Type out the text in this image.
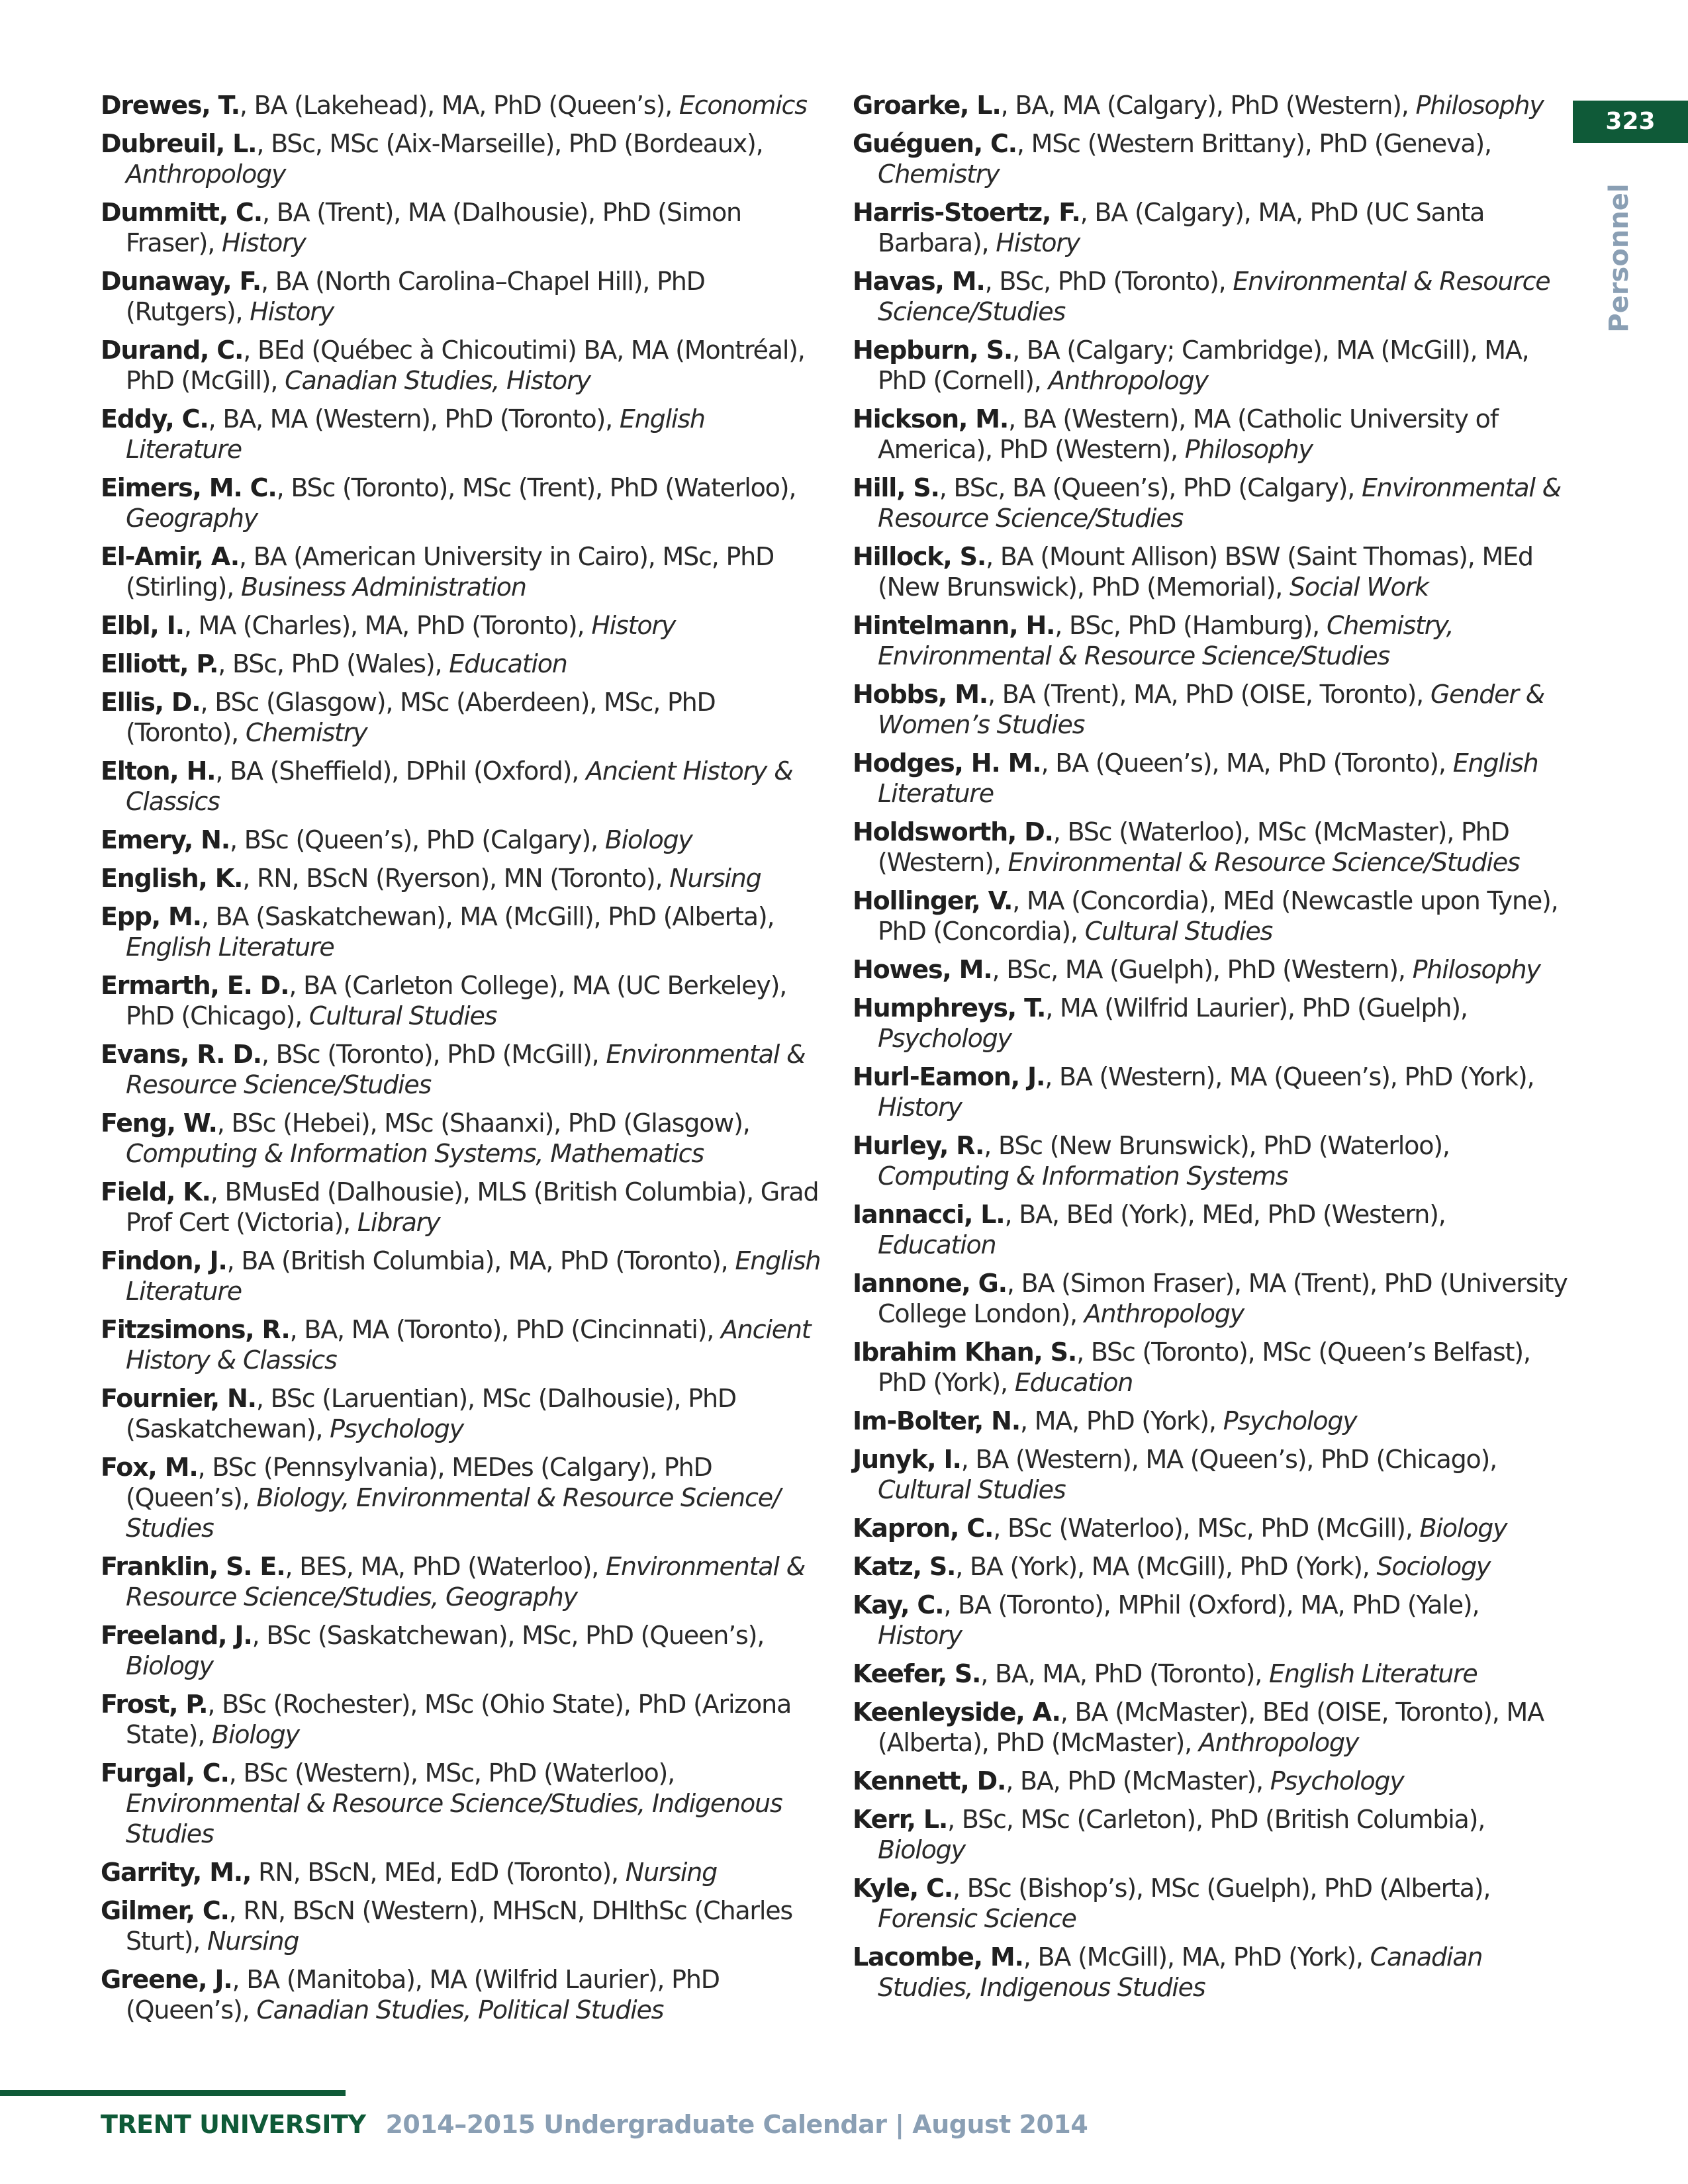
323
Personnel
Drewes, T., BA (Lakehead), MA, PhD (Queen’s), Economics
Dubreuil, L., BSc, MSc (Aix-Marseille), PhD (Bordeaux), Anthropology
Dummitt, C., BA (Trent), MA (Dalhousie), PhD (Simon Fraser), History
Dunaway, F., BA (North Carolina–Chapel Hill), PhD (Rutgers), History
Durand, C., BEd (Québec à Chicoutimi) BA, MA (Montréal), PhD (McGill), Canadian Studies, History
Eddy, C., BA, MA (Western), PhD (Toronto), English Literature
Eimers, M. C., BSc (Toronto), MSc (Trent), PhD (Waterloo), Geography
El-Amir, A., BA (American University in Cairo), MSc, PhD (Stirling), Business Administration
Elbl, I., MA (Charles), MA, PhD (Toronto), History
Elliott, P., BSc, PhD (Wales), Education
Ellis, D., BSc (Glasgow), MSc (Aberdeen), MSc, PhD (Toronto), Chemistry
Elton, H., BA (Sheffield), DPhil (Oxford), Ancient History & Classics
Emery, N., BSc (Queen’s), PhD (Calgary), Biology
English, K., RN, BScN (Ryerson), MN (Toronto), Nursing
Epp, M., BA (Saskatchewan), MA (McGill), PhD (Alberta), English Literature
Ermarth, E. D., BA (Carleton College), MA (UC Berkeley), PhD (Chicago), Cultural Studies
Evans, R. D., BSc (Toronto), PhD (McGill), Environmental & Resource Science/Studies
Feng, W., BSc (Hebei), MSc (Shaanxi), PhD (Glasgow), Computing & Information Systems, Mathematics
Field, K., BMusEd (Dalhousie), MLS (British Columbia), Grad Prof Cert (Victoria), Library
Findon, J., BA (British Columbia), MA, PhD (Toronto), English Literature
Fitzsimons, R., BA, MA (Toronto), PhD (Cincinnati), Ancient History & Classics
Fournier, N., BSc (Laruentian), MSc (Dalhousie), PhD (Saskatchewan), Psychology
Fox, M., BSc (Pennsylvania), MEDes (Calgary), PhD (Queen’s), Biology, Environmental & Resource Science/ Studies
Franklin, S. E., BES, MA, PhD (Waterloo), Environmental & Resource Science/Studies, Geography
Freeland, J., BSc (Saskatchewan), MSc, PhD (Queen’s), Biology
Frost, P., BSc (Rochester), MSc (Ohio State), PhD (Arizona State), Biology
Furgal, C., BSc (Western), MSc, PhD (Waterloo), Environmental & Resource Science/Studies, Indigenous Studies
Garrity, M., RN, BScN, MEd, EdD (Toronto), Nursing
Gilmer, C., RN, BScN (Western), MHScN, DHlthSc (Charles Sturt), Nursing
Greene, J., BA (Manitoba), MA (Wilfrid Laurier), PhD (Queen’s), Canadian Studies, Political Studies
Groarke, L., BA, MA (Calgary), PhD (Western), Philosophy
Guéguen, C., MSc (Western Brittany), PhD (Geneva), Chemistry
Harris-Stoertz, F., BA (Calgary), MA, PhD (UC Santa Barbara), History
Havas, M., BSc, PhD (Toronto), Environmental & Resource Science/Studies
Hepburn, S., BA (Calgary; Cambridge), MA (McGill), MA, PhD (Cornell), Anthropology
Hickson, M., BA (Western), MA (Catholic University of America), PhD (Western), Philosophy
Hill, S., BSc, BA (Queen’s), PhD (Calgary), Environmental & Resource Science/Studies
Hillock, S., BA (Mount Allison) BSW (Saint Thomas), MEd (New Brunswick), PhD (Memorial), Social Work
Hintelmann, H., BSc, PhD (Hamburg), Chemistry, Environmental & Resource Science/Studies
Hobbs, M., BA (Trent), MA, PhD (OISE, Toronto), Gender & Women’s Studies
Hodges, H. M., BA (Queen’s), MA, PhD (Toronto), English Literature
Holdsworth, D., BSc (Waterloo), MSc (McMaster), PhD (Western), Environmental & Resource Science/Studies
Hollinger, V., MA (Concordia), MEd (Newcastle upon Tyne), PhD (Concordia), Cultural Studies
Howes, M., BSc, MA (Guelph), PhD (Western), Philosophy
Humphreys, T., MA (Wilfrid Laurier), PhD (Guelph), Psychology
Hurl-Eamon, J., BA (Western), MA (Queen’s), PhD (York), History
Hurley, R., BSc (New Brunswick), PhD (Waterloo), Computing & Information Systems
Iannacci, L., BA, BEd (York), MEd, PhD (Western), Education
Iannone, G., BA (Simon Fraser), MA (Trent), PhD (University College London), Anthropology
Ibrahim Khan, S., BSc (Toronto), MSc (Queen’s Belfast), PhD (York), Education
Im-Bolter, N., MA, PhD (York), Psychology
Junyk, I., BA (Western), MA (Queen’s), PhD (Chicago), Cultural Studies
Kapron, C., BSc (Waterloo), MSc, PhD (McGill), Biology
Katz, S., BA (York), MA (McGill), PhD (York), Sociology
Kay, C., BA (Toronto), MPhil (Oxford), MA, PhD (Yale), History
Keefer, S., BA, MA, PhD (Toronto), English Literature
Keenleyside, A., BA (McMaster), BEd (OISE, Toronto), MA (Alberta), PhD (McMaster), Anthropology
Kennett, D., BA, PhD (McMaster), Psychology
Kerr, L., BSc, MSc (Carleton), PhD (British Columbia), Biology
Kyle, C., BSc (Bishop’s), MSc (Guelph), PhD (Alberta), Forensic Science
Lacombe, M., BA (McGill), MA, PhD (York), Canadian Studies, Indigenous Studies
TRENT UNIVERSITY 2014–2015 Undergraduate Calendar | August 2014
